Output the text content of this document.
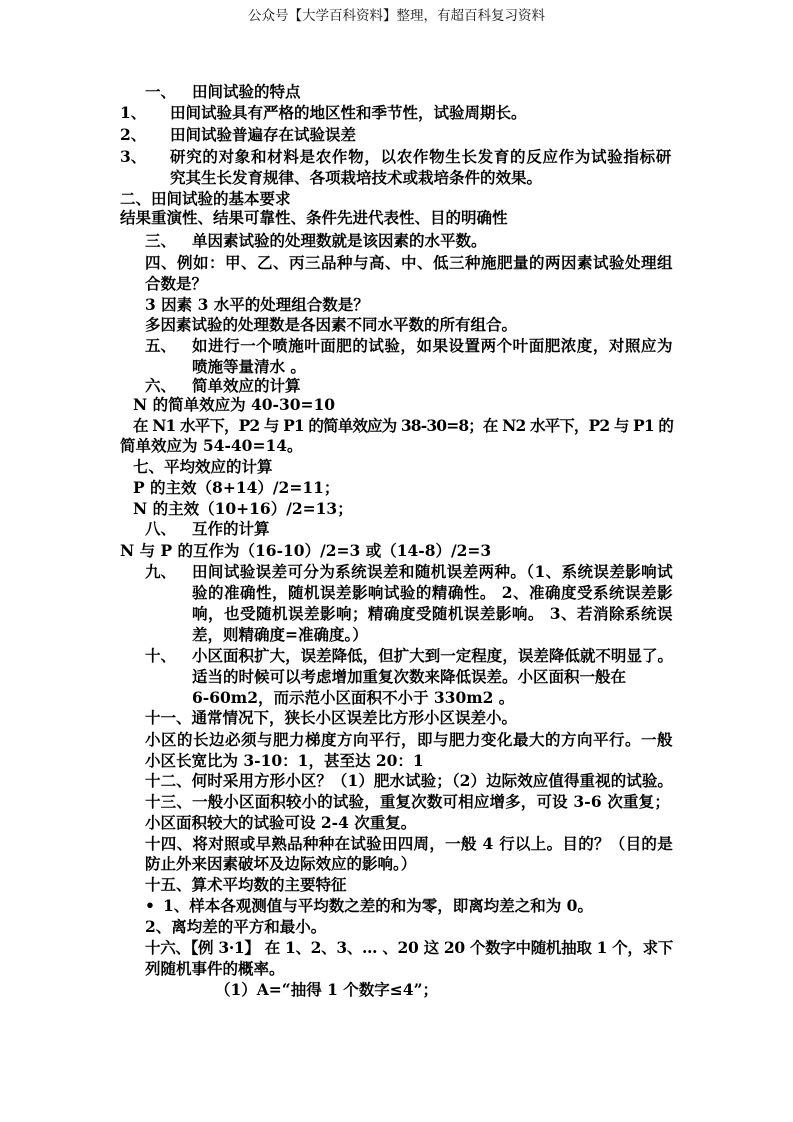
公众号【大学百科资料】整理，有超百科复习资料
一、 田间试验的特点
1、 田间试验具有严格的地区性和季节性，试验周期长。
2、 田间试验普遍存在试验误差
3、 研究的对象和材料是农作物，以农作物生长发育的反应作为试验指标研
究其生长发育规律、各项栽培技术或栽培条件的效果。
二、田间试验的基本要求
结果重演性、结果可靠性、条件先进代表性、目的明确性
三、 单因素试验的处理数就是该因素的水平数。
四、例如：甲、乙、丙三品种与高、中、低三种施肥量的两因素试验处理组
合数是？
3 因素 3 水平的处理组合数是？
多因素试验的处理数是各因素不同水平数的所有组合。
五、 如进行一个喷施叶面肥的试验，如果设置两个叶面肥浓度，对照应为
喷施等量清水 。
六、 简单效应的计算
N 的简单效应为 40-30=10
在 N1 水平下，P2 与 P1 的简单效应为 38-30=8；在 N2 水平下，P2 与 P1 的
简单效应为 54-40=14。
七、平均效应的计算
P 的主效（8+14）/2=11；
N 的主效（10+16）/2=13；
八、 互作的计算
N 与 P 的互作为（16-10）/2=3 或（14-8）/2=3
九、 田间试验误差可分为系统误差和随机误差两种。（1、系统误差影响试
验的准确性，随机误差影响试验的精确性。 2、准确度受系统误差影
响，也受随机误差影响；精确度受随机误差影响。 3、若消除系统误
差，则精确度=准确度。）
十、 小区面积扩大，误差降低，但扩大到一定程度，误差降低就不明显了。
适当的时候可以考虑增加重复次数来降低误差。小区面积一般在
6-60m2，而示范小区面积不小于 330m2 。
十一、通常情况下，狭长小区误差比方形小区误差小。
小区的长边必须与肥力梯度方向平行，即与肥力变化最大的方向平行。一般
小区长宽比为 3-10：1，甚至达 20：1
十二、何时采用方形小区？（1）肥水试验；（2）边际效应值得重视的试验。
十三、一般小区面积较小的试验，重复次数可相应增多，可设 3-6 次重复；
小区面积较大的试验可设 2-4 次重复。
十四、将对照或早熟品种种在试验田四周，一般 4 行以上。目的？（目的是
防止外来因素破坏及边际效应的影响。）
十五、算术平均数的主要特征
• 1、样本各观测值与平均数之差的和为零，即离均差之和为 0。
2、离均差的平方和最小。
十六、【例 3·1】 在 1、2、3、… 、20 这 20 个数字中随机抽取 1 个，求下
列随机事件的概率。
（1）A=“抽得 1 个数字≤4”；
